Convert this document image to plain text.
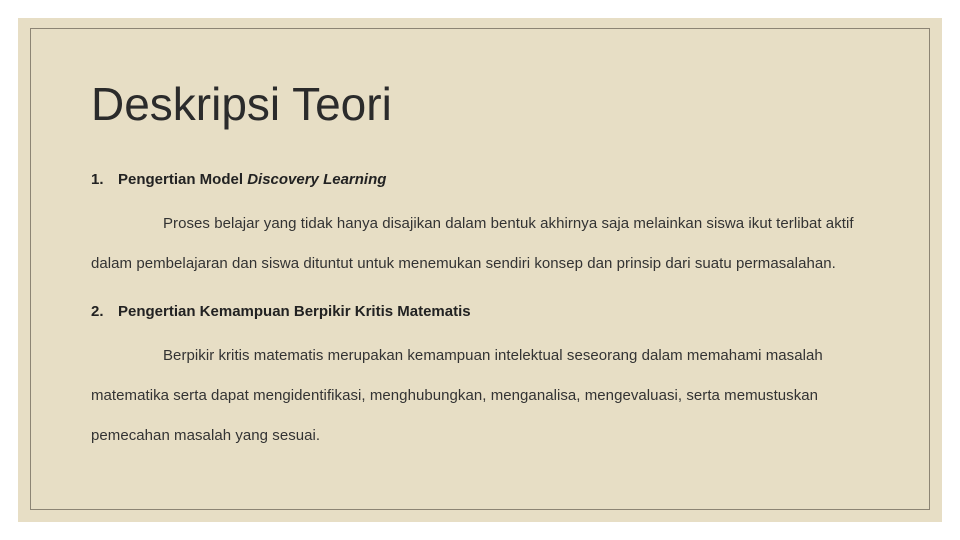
Deskripsi Teori
1. Pengertian Model Discovery Learning

Proses belajar yang tidak hanya disajikan dalam bentuk akhirnya saja melainkan siswa ikut terlibat aktif dalam pembelajaran dan siswa dituntut untuk menemukan sendiri konsep dan prinsip dari suatu permasalahan.

2. Pengertian Kemampuan Berpikir Kritis Matematis

Berpikir kritis matematis merupakan kemampuan intelektual seseorang dalam memahami masalah matematika serta dapat mengidentifikasi, menghubungkan, menganalisa, mengevaluasi, serta memustuskan pemecahan masalah yang sesuai.
